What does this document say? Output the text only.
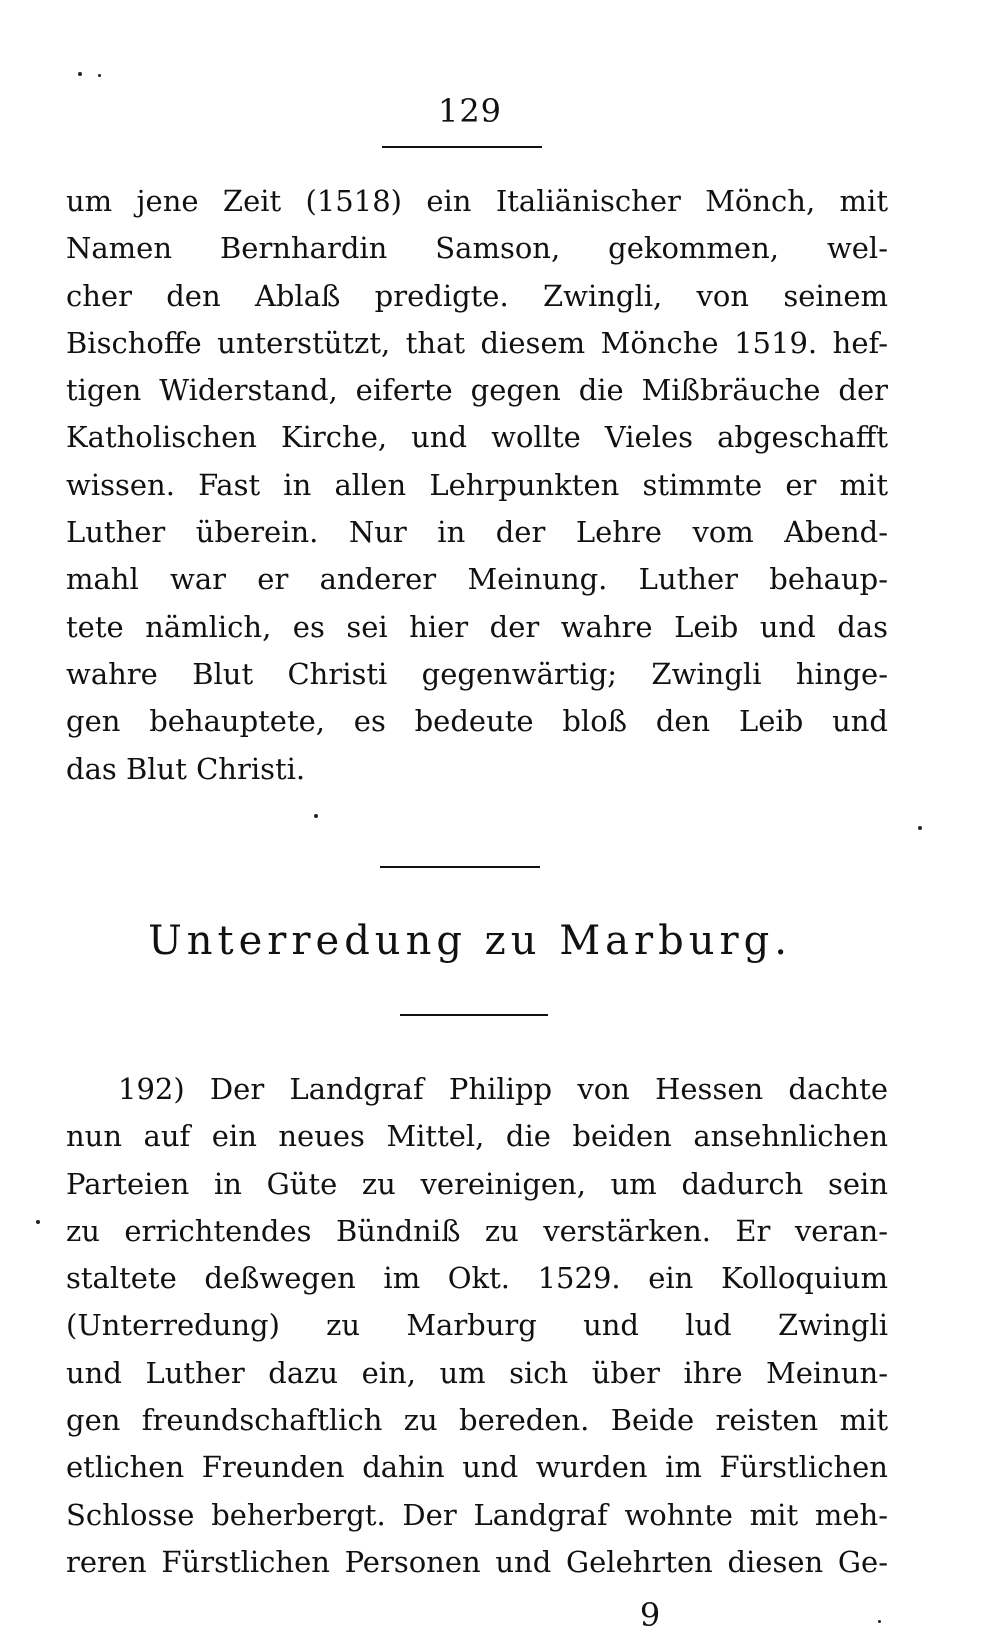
129
um jene Zeit (1518) ein Italiänischer Mönch, mit
Namen Bernhardin Samson, gekommen, wel-
cher den Ablaß predigte. Zwingli, von seinem
Bischoffe unterstützt, that diesem Mönche 1519. hef-
tigen Widerstand, eiferte gegen die Mißbräuche der
Katholischen Kirche, und wollte Vieles abgeschafft
wissen. Fast in allen Lehrpunkten stimmte er mit
Luther überein. Nur in der Lehre vom Abend-
mahl war er anderer Meinung. Luther behaup-
tete nämlich, es sei hier der wahre Leib und das
wahre Blut Christi gegenwärtig; Zwingli hinge-
gen behauptete, es bedeute bloß den Leib und
das Blut Christi.
Unterredung zu Marburg.
192) Der Landgraf Philipp von Hessen dachte
nun auf ein neues Mittel, die beiden ansehnlichen
Parteien in Güte zu vereinigen, um dadurch sein
zu errichtendes Bündniß zu verstärken. Er veran-
staltete deßwegen im Okt. 1529. ein Kolloquium
(Unterredung) zu Marburg und lud Zwingli
und Luther dazu ein, um sich über ihre Meinun-
gen freundschaftlich zu bereden. Beide reisten mit
etlichen Freunden dahin und wurden im Fürstlichen
Schlosse beherbergt. Der Landgraf wohnte mit meh-
reren Fürstlichen Personen und Gelehrten diesen Ge-
9
